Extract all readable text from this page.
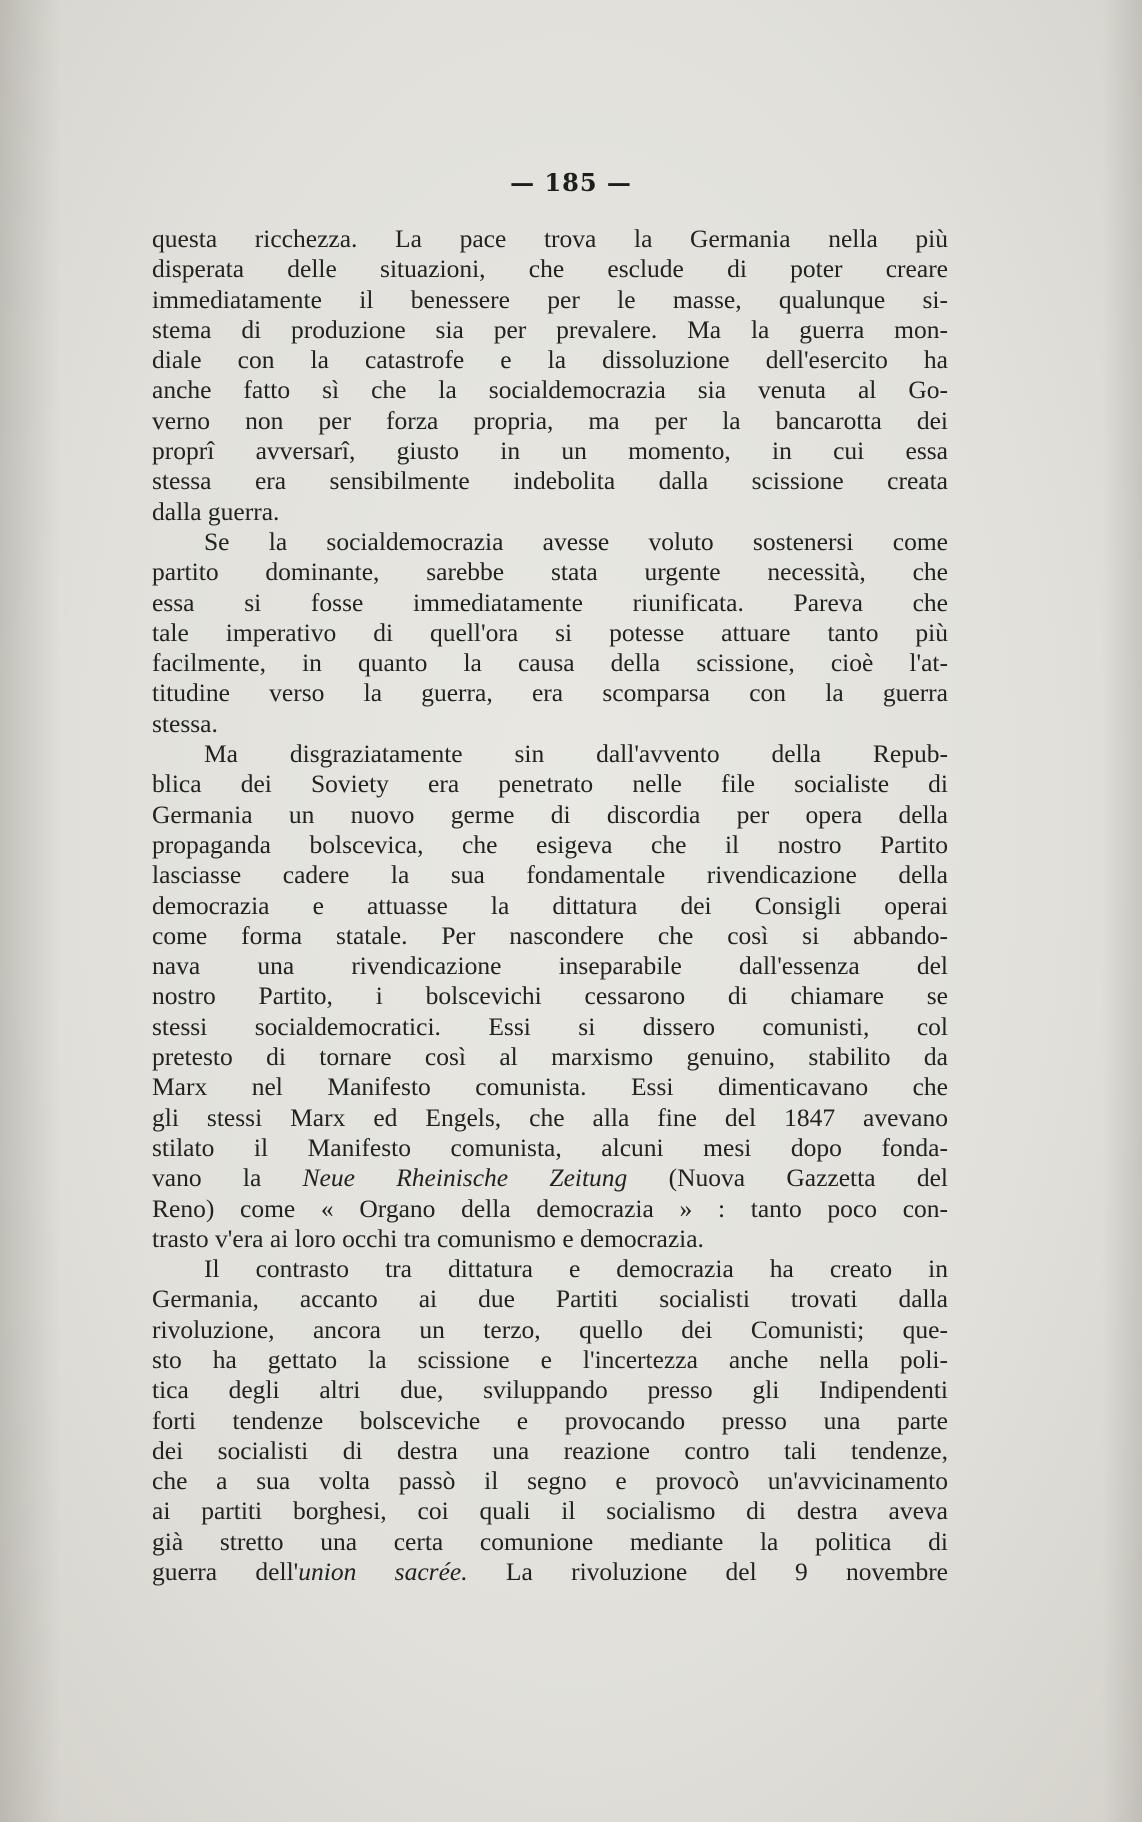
— 185 —
questa ricchezza. La pace trova la Germania nella più
disperata delle situazioni, che esclude di poter creare
immediatamente il benessere per le masse, qualunque si-
stema di produzione sia per prevalere. Ma la guerra mon-
diale con la catastrofe e la dissoluzione dell'esercito ha
anche fatto sì che la socialdemocrazia sia venuta al Go-
verno non per forza propria, ma per la bancarotta dei
proprî avversarî, giusto in un momento, in cui essa
stessa era sensibilmente indebolita dalla scissione creata
dalla guerra.
Se la socialdemocrazia avesse voluto sostenersi come
partito dominante, sarebbe stata urgente necessità, che
essa si fosse immediatamente riunificata. Pareva che
tale imperativo di quell'ora si potesse attuare tanto più
facilmente, in quanto la causa della scissione, cioè l'at-
titudine verso la guerra, era scomparsa con la guerra
stessa.
Ma disgraziatamente sin dall'avvento della Repub-
blica dei Soviety era penetrato nelle file socialiste di
Germania un nuovo germe di discordia per opera della
propaganda bolscevica, che esigeva che il nostro Partito
lasciasse cadere la sua fondamentale rivendicazione della
democrazia e attuasse la dittatura dei Consigli operai
come forma statale. Per nascondere che così si abbando-
nava una rivendicazione inseparabile dall'essenza del
nostro Partito, i bolscevichi cessarono di chiamare se
stessi socialdemocratici. Essi si dissero comunisti, col
pretesto di tornare così al marxismo genuino, stabilito da
Marx nel Manifesto comunista. Essi dimenticavano che
gli stessi Marx ed Engels, che alla fine del 1847 avevano
stilato il Manifesto comunista, alcuni mesi dopo fonda-
vano la Neue Rheinische Zeitung (Nuova Gazzetta del
Reno) come « Organo della democrazia » : tanto poco con-
trasto v'era ai loro occhi tra comunismo e democrazia.
Il contrasto tra dittatura e democrazia ha creato in
Germania, accanto ai due Partiti socialisti trovati dalla
rivoluzione, ancora un terzo, quello dei Comunisti; que-
sto ha gettato la scissione e l'incertezza anche nella poli-
tica degli altri due, sviluppando presso gli Indipendenti
forti tendenze bolsceviche e provocando presso una parte
dei socialisti di destra una reazione contro tali tendenze,
che a sua volta passò il segno e provocò un'avvicinamento
ai partiti borghesi, coi quali il socialismo di destra aveva
già stretto una certa comunione mediante la politica di
guerra dell'union sacrée. La rivoluzione del 9 novembre
